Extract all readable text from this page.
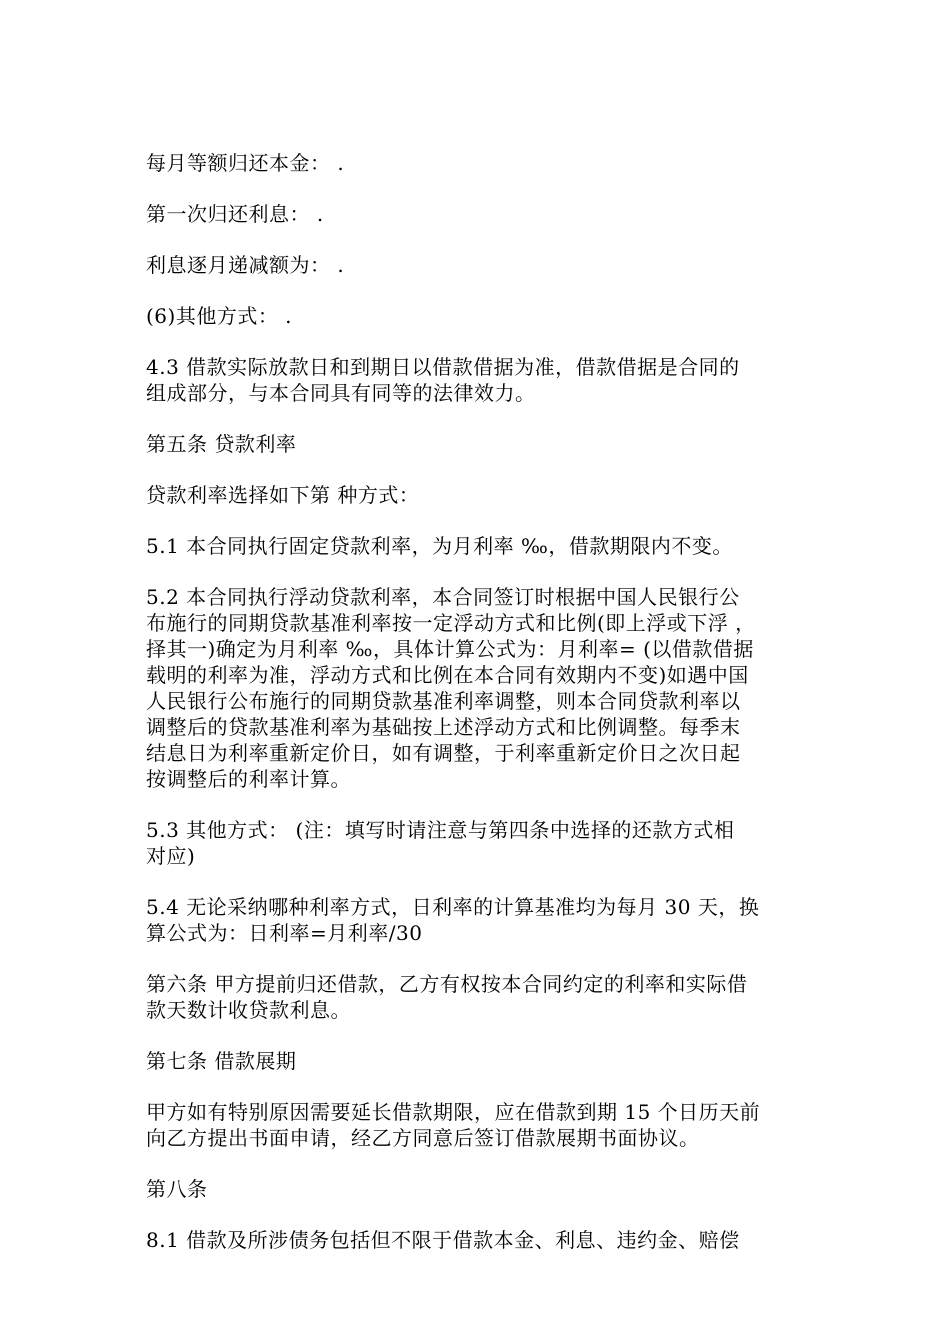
每月等额归还本金： .

第一次归还利息： .

利息逐月递减额为： .

(6)其他方式： .

4.3 借款实际放款日和到期日以借款借据为准，借款借据是合同的
组成部分，与本合同具有同等的法律效力。

第五条 贷款利率

贷款利率选择如下第 种方式：

5.1 本合同执行固定贷款利率，为月利率 ‰，借款期限内不变。

5.2 本合同执行浮动贷款利率，本合同签订时根据中国人民银行公
布施行的同期贷款基准利率按一定浮动方式和比例(即上浮或下浮 ，
择其一)确定为月利率 ‰，具体计算公式为：月利率= (以借款借据
载明的利率为准，浮动方式和比例在本合同有效期内不变)如遇中国
人民银行公布施行的同期贷款基准利率调整，则本合同贷款利率以
调整后的贷款基准利率为基础按上述浮动方式和比例调整。每季末
结息日为利率重新定价日，如有调整，于利率重新定价日之次日起
按调整后的利率计算。

5.3 其他方式： (注：填写时请注意与第四条中选择的还款方式相
对应)

5.4 无论采纳哪种利率方式，日利率的计算基准均为每月 30 天，换
算公式为：日利率=月利率/30

第六条 甲方提前归还借款，乙方有权按本合同约定的利率和实际借
款天数计收贷款利息。

第七条 借款展期

甲方如有特别原因需要延长借款期限，应在借款到期 15 个日历天前
向乙方提出书面申请，经乙方同意后签订借款展期书面协议。

第八条

8.1 借款及所涉债务包括但不限于借款本金、利息、违约金、赔偿
